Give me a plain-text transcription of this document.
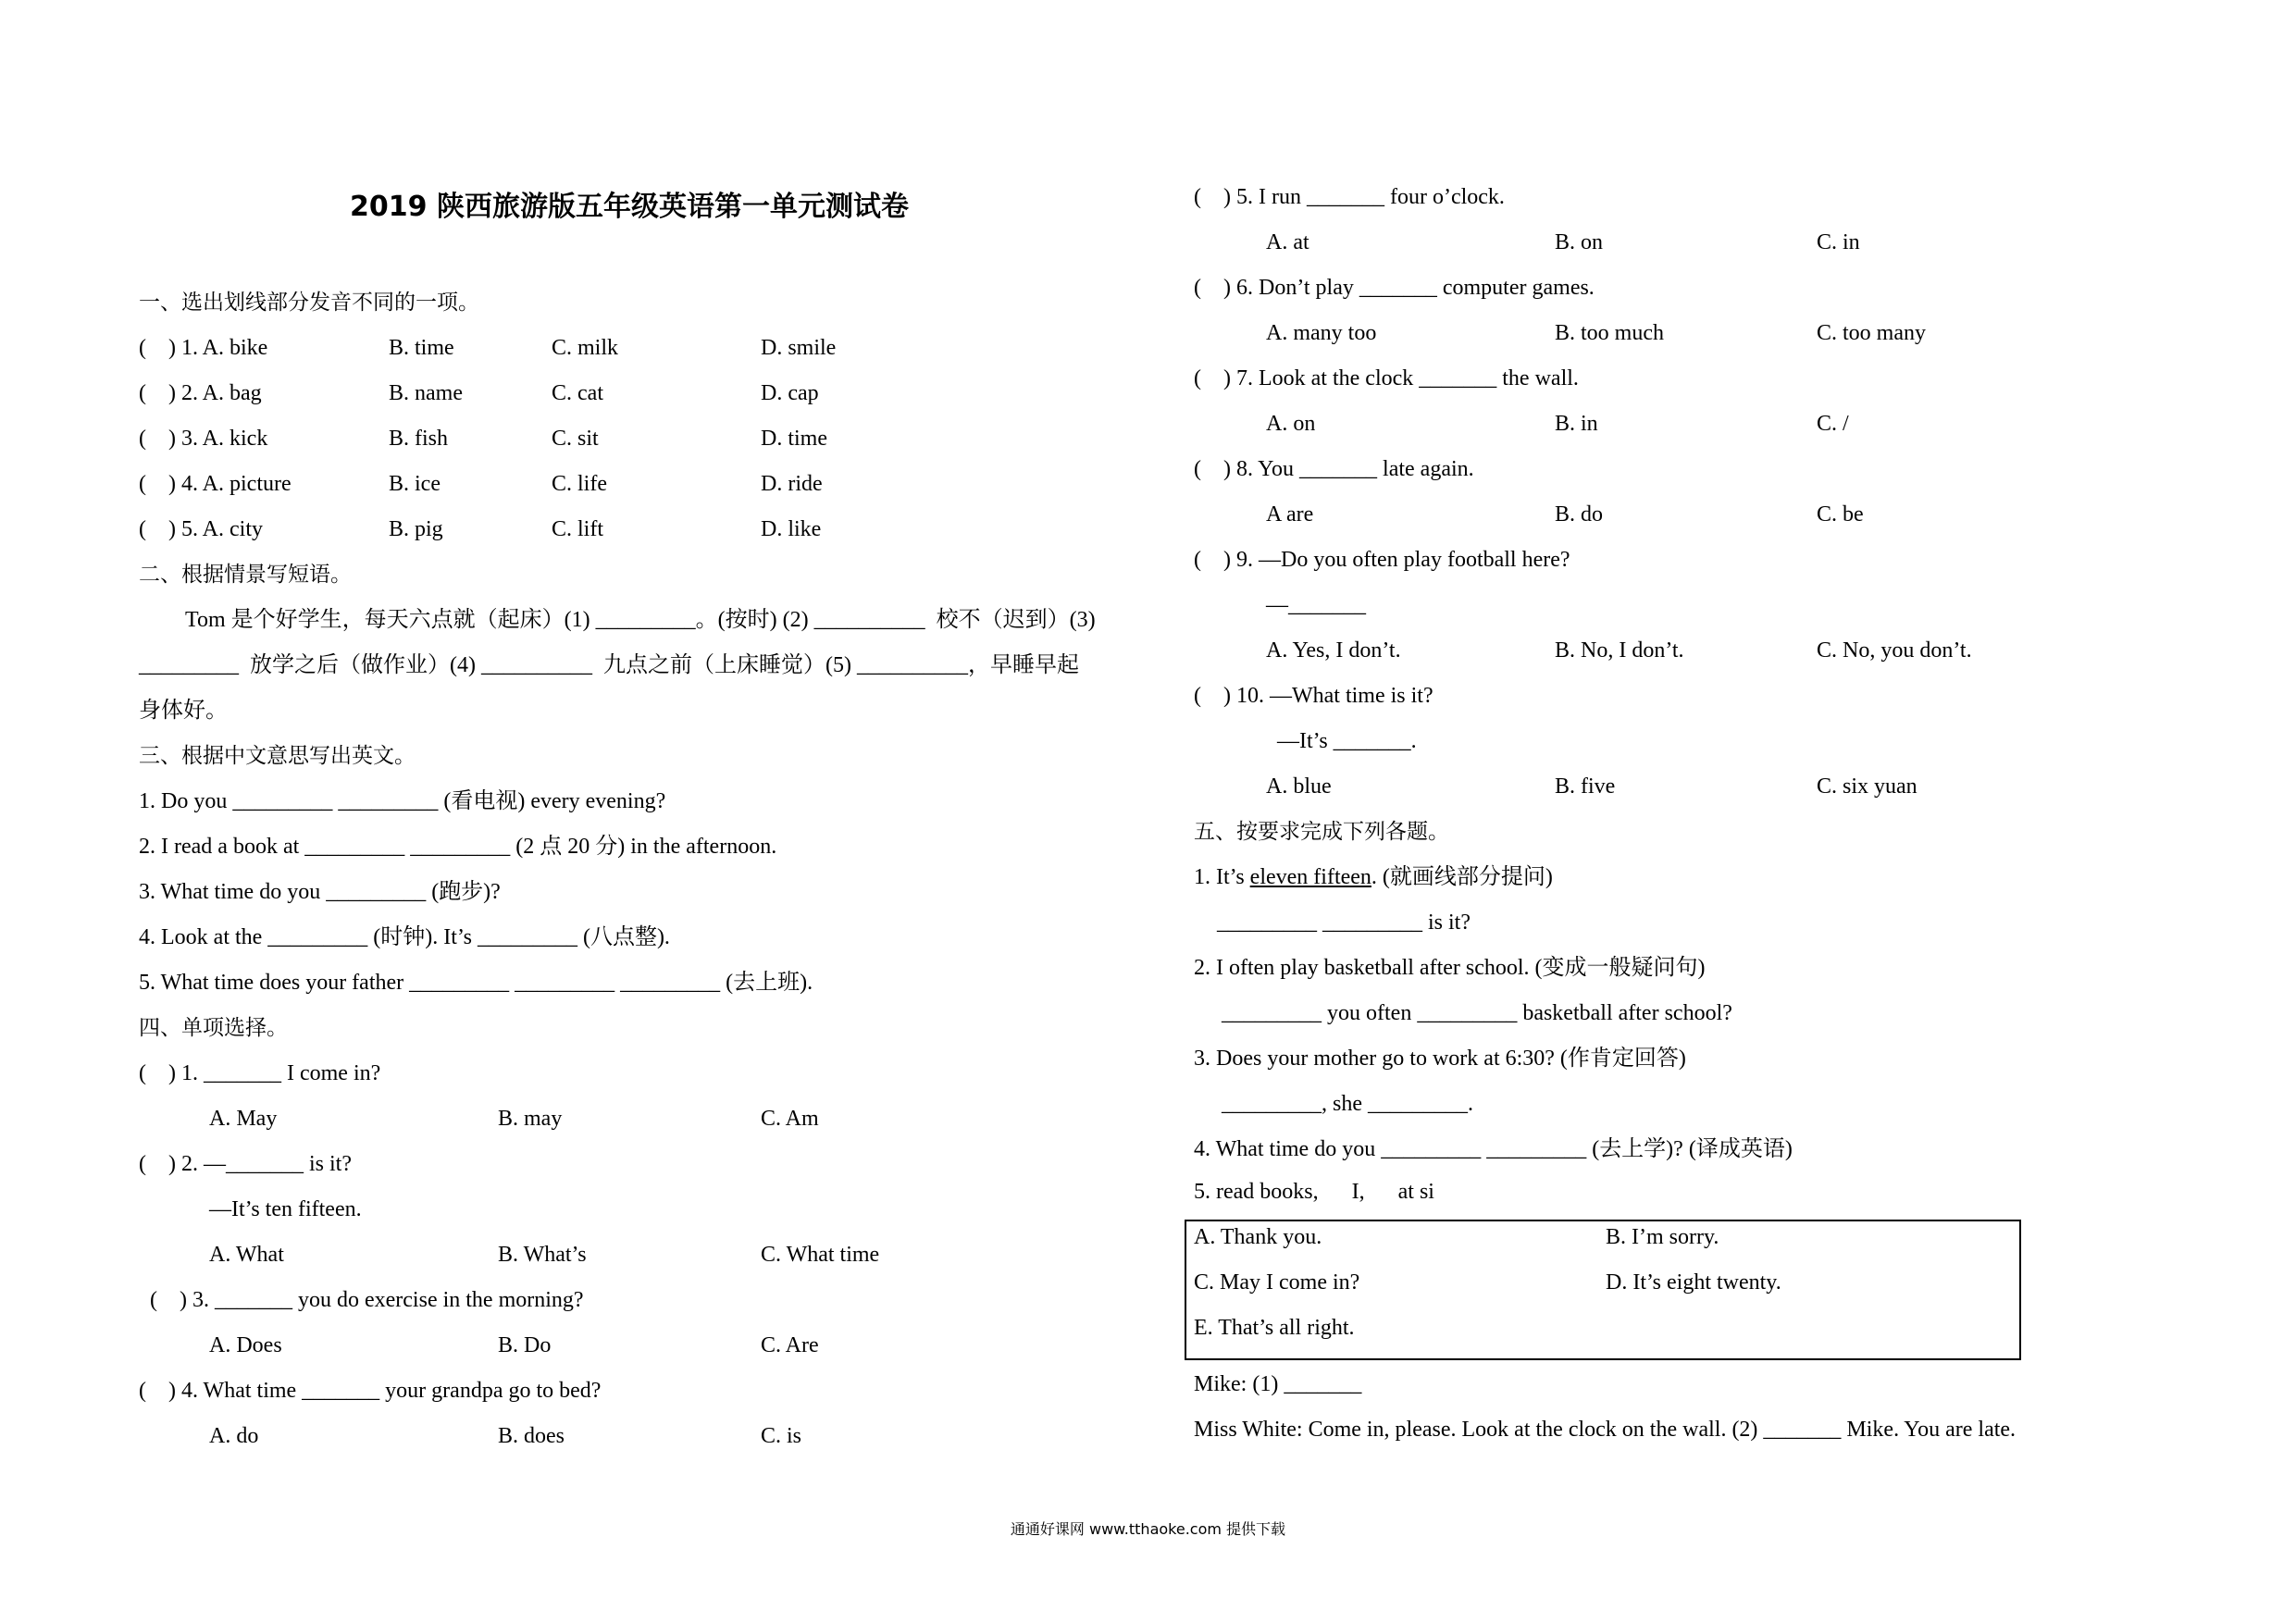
2019 陕西旅游版五年级英语第一单元测试卷
一、选出划线部分发音不同的一项。
(    ) 1. A. bike	B. time	C. milk	D. smile
(    ) 2. A. bag	B. name	C. cat	D. cap
(    ) 3. A. kick	B. fish	C. sit	D. time
(    ) 4. A. picture	B. ice	C. life	D. ride
(    ) 5. A. city	B. pig	C. lift	D. like
二、根据情景写短语。
Tom 是个好学生，每天六点就（起床）(1) _________。(按时) (2) __________  校不（迟到）(3)
_________  放学之后（做作业）(4) __________  九点之前（上床睡觉）(5) __________，早睡早起
身体好。
三、根据中文意思写出英文。
1. Do you _________ _________ (看电视) every evening?
2. I read a book at _________ _________ (2 点 20 分) in the afternoon.
3. What time do you _________ (跑步)?
4. Look at the _________ (时钟). It’s _________ (八点整).
5. What time does your father _________ _________ _________ (去上班).
四、单项选择。
(    ) 1. _______ I come in?
A. May	B. may	C. Am
(    ) 2. —_______ is it?
—It’s ten fifteen.
A. What	B. What’s	C. What time
(    ) 3. _______ you do exercise in the morning?
A. Does	B. Do	C. Are
(    ) 4. What time _______ your grandpa go to bed?
A. do	B. does	C. is
(    ) 5. I run _______ four o’clock.
A. at	B. on	C. in
(    ) 6. Don’t play _______ computer games.
A. many too	B. too much	C. too many
(    ) 7. Look at the clock _______ the wall.
A. on	B. in	C. /
(    ) 8. You _______ late again.
A are	B. do	C. be
(    ) 9. —Do you often play football here?
—_______
A. Yes, I don’t.	B. No, I don’t.	C. No, you don’t.
(    ) 10. —What time is it?
—It’s _______.
A. blue	B. five	C. six yuan
五、按要求完成下列各题。
1. It’s eleven fifteen. (就画线部分提问)
_________ _________ is it?
2. I often play basketball after school. (变成一般疑问句)
_________ you often _________ basketball after school?
3. Does your mother go to work at 6:30? (作肯定回答)
_________, she _________.
4. What time do you _________ _________ (去上学)? (译成英语)
5. read books,      I,      at si
A. Thank you.	B. I’m sorry.
C. May I come in?	D. It’s eight twenty.
E. That’s all right.
Mike: (1) _______
Miss White: Come in, please. Look at the clock on the wall. (2) _______ Mike. You are late.
通通好课网 www.tthaoke.com 提供下载
